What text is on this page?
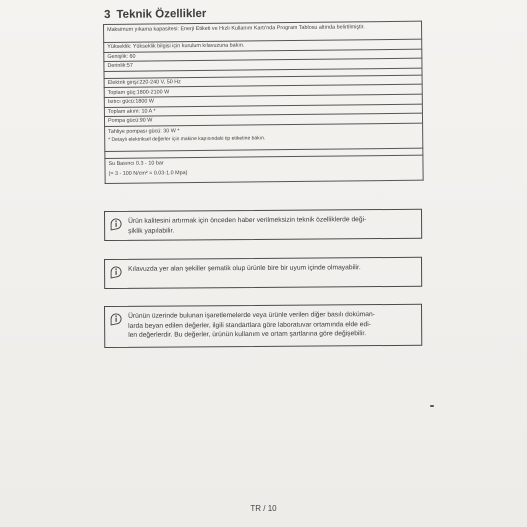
3 Teknik Özellikler
Maksimum yıkama kapasitesi: Enerji Etiketi ve Hızlı Kullanım Kartı'nda Program Tablosu altında belirtilmiştir.
Yükseklik: Yükseklik bilgisi için kurulum kılavuzuna bakın.
Genişlik: 60
Derinlik:57

Elektrik girişi:220-240 V, 50 Hz
Toplam güç:1800-2100 W
Isıtıcı gücü:1800 W
Toplam akım: 10 A *
Pompa gücü:90 W

Tahliye pompası gücü: 30 W *
* Detaylı elektriksel değerler için makine kapısındaki tip etiketine bakın.

Su Basıncı 0.3 - 10 bar
(= 3 - 100 N/cm² = 0.03-1.0 Mpa)
Ürün kalitesini artırmak için önceden haber verilmeksizin teknik özelliklerde deği-
şiklik yapılabilir.
Kılavuzda yer alan şekiller şematik olup ürünle bire bir uyum içinde olmayabilir.
Ürünün üzerinde bulunan işaretlemelerde veya ürünle verilen diğer basılı doküman-
larda beyan edilen değerler, ilgili standartlara göre laboratuvar ortamında elde edi-
len değerlerdir. Bu değerler, ürünün kullanım ve ortam şartlarına göre değişebilir.
TR / 10
